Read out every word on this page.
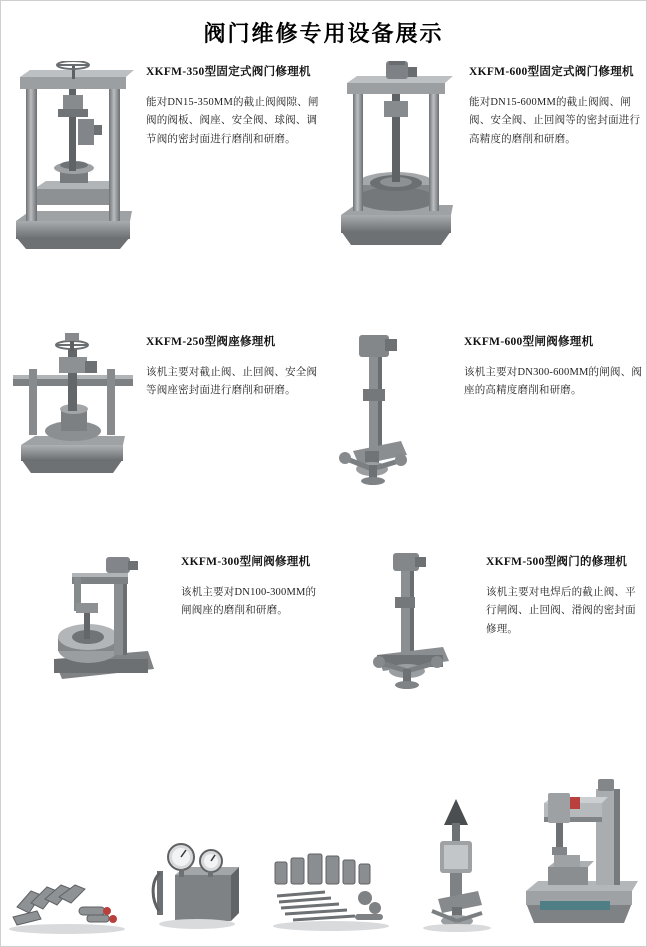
阀门维修专用设备展示
XKFM-350型固定式阀门修理机
能对DN15-350MM的截止阀阀隙、闸阀的阀板、阀座、安全阀、球阀、调节阀的密封面进行磨削和研磨。
XKFM-600型固定式阀门修理机
能对DN15-600MM的截止阀阀、闸阀、安全阀、止回阀等的密封面进行高精度的磨削和研磨。
XKFM-250型阀座修理机
该机主要对截止阀、止回阀、安全阀等阀座密封面进行磨削和研磨。
XKFM-600型闸阀修理机
该机主要对DN300-600MM的闸阀、阀座的高精度磨削和研磨。
XKFM-300型闸阀修理机
该机主要对DN100-300MM的闸阀座的磨削和研磨。
XKFM-500型阀门的修理机
该机主要对电焊后的截止阀、平行闸阀、止回阀、滑阀的密封面修理。
